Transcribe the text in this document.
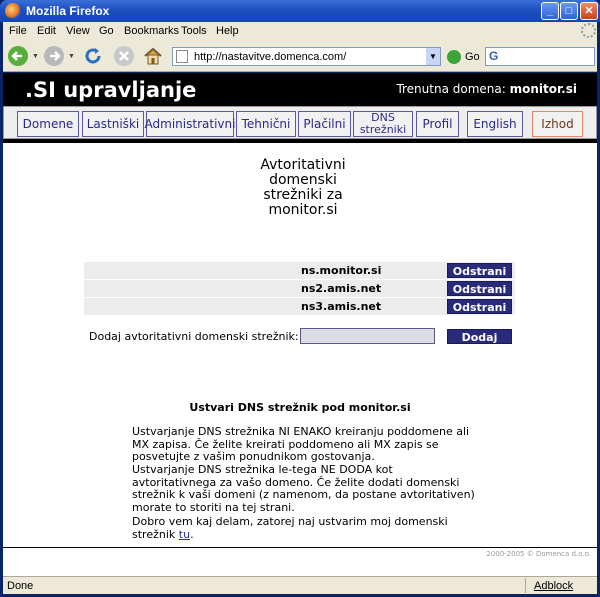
Mozilla Firefox	_	□	✕
File Edit View Go Bookmarks Tools Help
▼	▼	http://nastavitve.domenca.com/	▼	Go G
.SI upravljanje	Trenutna domena: monitor.si
Domene	Lastniški Administrativni Tehnični	Plačilni	DNS strežniki	Profil	English	Izhod
Avtoritativni domenski strežniki za monitor.si
ns.monitor.si	Odstrani
ns2.amis.net	Odstrani
ns3.amis.net	Odstrani
Dodaj avtoritativni domenski strežnik:	Dodaj
Ustvari DNS strežnik pod monitor.si
Ustvarjanje DNS strežnika NI ENAKO kreiranju poddomene ali MX zapisa. Če želite kreirati poddomeno ali MX zapis se posvetujte z vašim ponudnikom gostovanja.
Ustvarjanje DNS strežnika le-tega NE DODA kot avtoritativnega za vašo domeno. Če želite dodati domenski strežnik k vaši domeni (z namenom, da postane avtoritativen) morate to storiti na tej strani.
Dobro vem kaj delam, zatorej naj ustvarim moj domenski strežnik tu.
2000-2005 © Domenca d.o.o.
Done	Adblock
